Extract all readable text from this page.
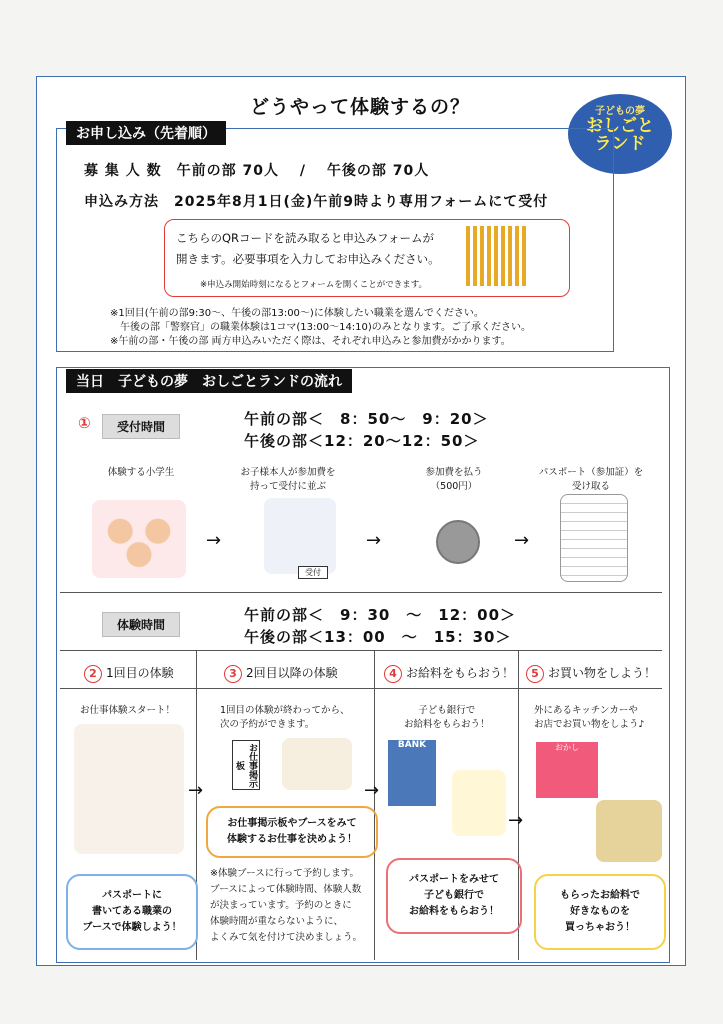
どうやって体験するの？	子どもの夢
おしごと
ランド
お申し込み（先着順）
募 集 人 数　午前の部 70人　 /　 午後の部 70人
申込み方法　2025年8月1日(金)午前9時より専用フォームにて受付
こちらのQRコードを読み取ると申込みフォームが
開きます。必要事項を入力してお申込みください。
※申込み開始時刻になるとフォームを開くことができます。
※1回目(午前の部9:30～、午後の部13:00～)に体験したい職業を選んでください。
午後の部「警察官」の職業体験は1コマ(13:00～14:10)のみとなります。ご了承ください。
※午前の部・午後の部 両方申込みいただく際は、それぞれ申込みと参加費がかかります。
当日　子どもの夢　おしごとランドの流れ
①	受付時間	午前の部＜　8：50～　9：20＞
午後の部＜12：20～12：50＞
体験する小学生	お子様本人が参加費を
持って受付に並ぶ
参加費を払う
（500円）
パスポート（参加証）を
受け取る
→
受付
→	→
体験時間
午前の部＜　9：30　～　12：00＞
午後の部＜13：00　～　15：30＞
2 1回目の体験	3 2回目以降の体験	4 お給料をもらおう！	5 お買い物をしよう！
お仕事体験スタート！	1回目の体験が終わってから、
次の予約ができます。
子ども銀行で
お給料をもらおう！
外にあるキッチンカーや
お店でお買い物をしよう♪
→
お仕事掲示板
→
BANK
→
おかし
パスポートに
書いてある職業の
ブースで体験しよう！
お仕事掲示板やブースをみて
体験するお仕事を決めよう！
※体験ブースに行って予約します。
ブースによって体験時間、体験人数
が決まっています。予約のときに
体験時間が重ならないように、
よくみて気を付けて決めましょう。
パスポートをみせて
子ども銀行で
お給料をもらおう！
もらったお給料で
好きなものを
買っちゃおう！
